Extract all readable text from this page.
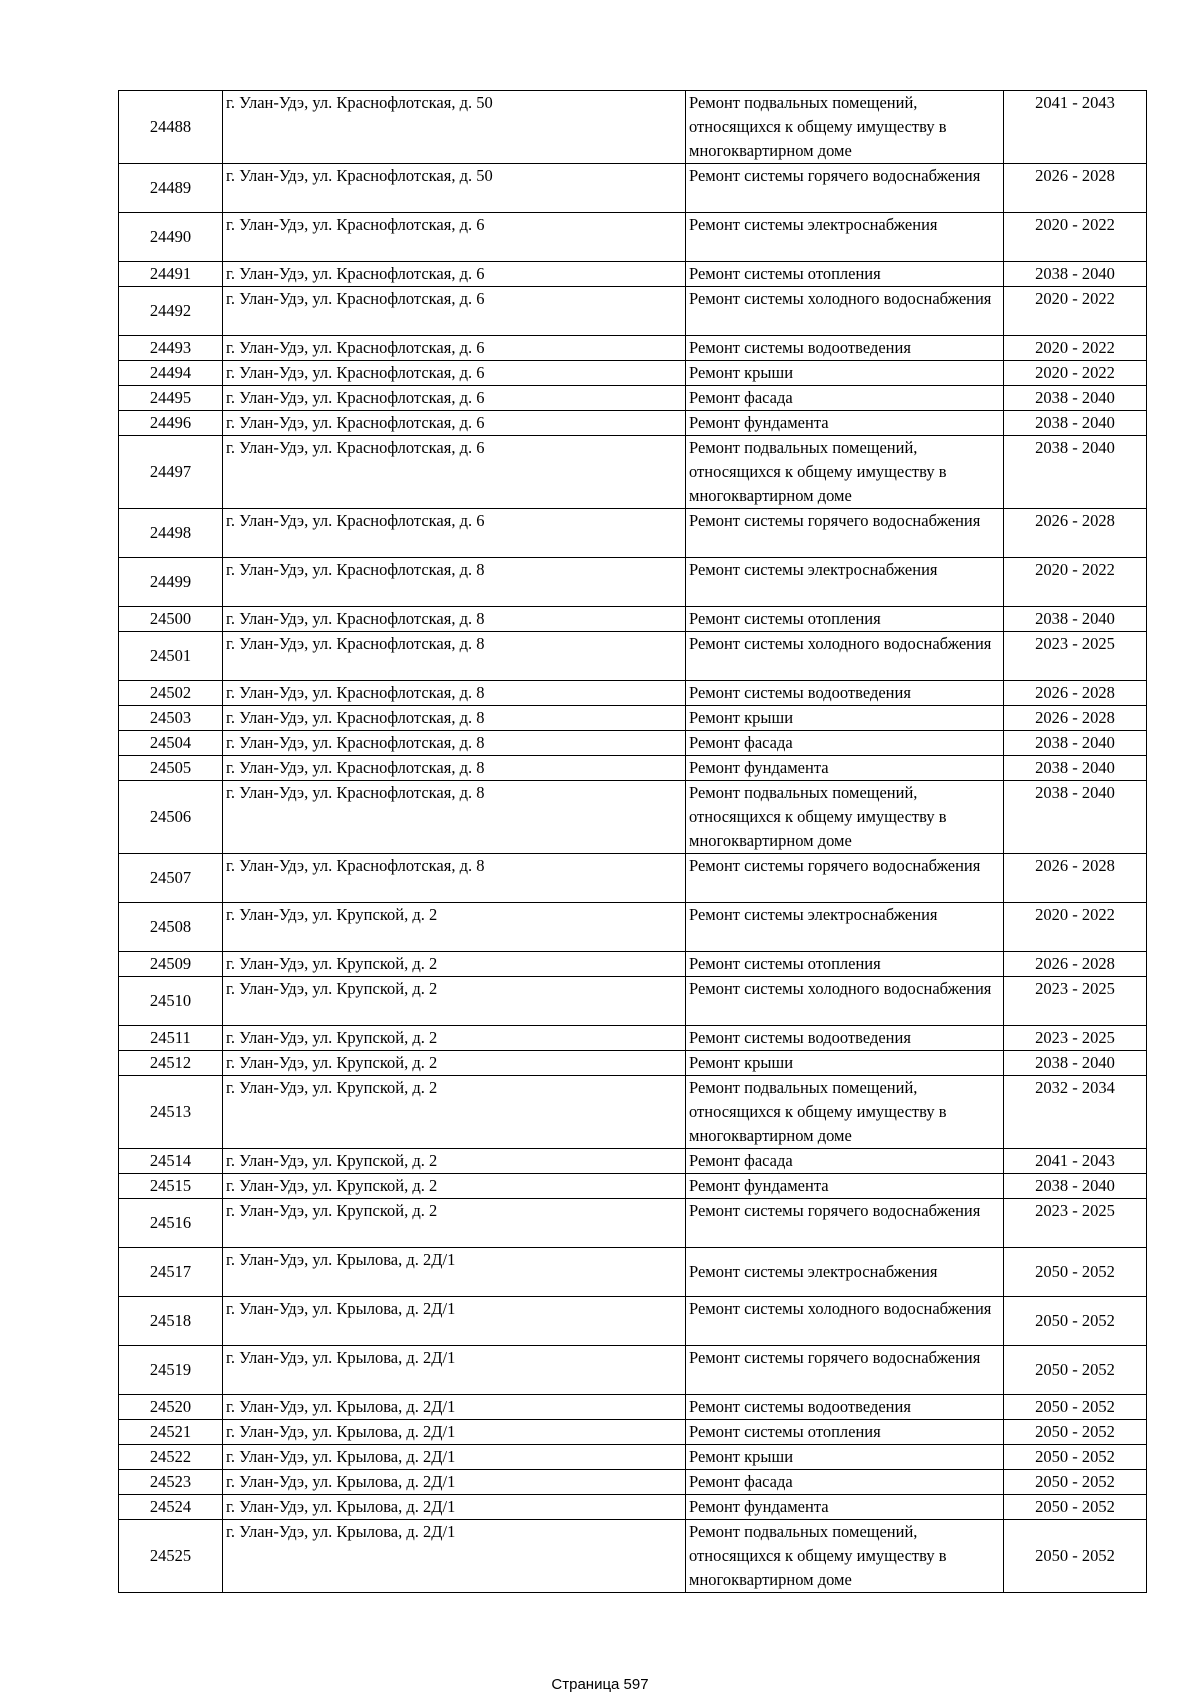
24488	г. Улан-Удэ, ул. Краснофлотская, д. 50	Ремонт подвальных помещений, относящихся к общему имуществу в многоквартирном доме	2041 - 2043
24489	г. Улан-Удэ, ул. Краснофлотская, д. 50	Ремонт системы горячего водоснабжения	2026 - 2028
24490	г. Улан-Удэ, ул. Краснофлотская, д. 6	Ремонт системы электроснабжения	2020 - 2022
24491	г. Улан-Удэ, ул. Краснофлотская, д. 6	Ремонт системы отопления	2038 - 2040
24492	г. Улан-Удэ, ул. Краснофлотская, д. 6	Ремонт системы холодного водоснабжения	2020 - 2022
24493	г. Улан-Удэ, ул. Краснофлотская, д. 6	Ремонт системы водоотведения	2020 - 2022
24494	г. Улан-Удэ, ул. Краснофлотская, д. 6	Ремонт крыши	2020 - 2022
24495	г. Улан-Удэ, ул. Краснофлотская, д. 6	Ремонт фасада	2038 - 2040
24496	г. Улан-Удэ, ул. Краснофлотская, д. 6	Ремонт фундамента	2038 - 2040
24497	г. Улан-Удэ, ул. Краснофлотская, д. 6	Ремонт подвальных помещений, относящихся к общему имуществу в многоквартирном доме	2038 - 2040
24498	г. Улан-Удэ, ул. Краснофлотская, д. 6	Ремонт системы горячего водоснабжения	2026 - 2028
24499	г. Улан-Удэ, ул. Краснофлотская, д. 8	Ремонт системы электроснабжения	2020 - 2022
24500	г. Улан-Удэ, ул. Краснофлотская, д. 8	Ремонт системы отопления	2038 - 2040
24501	г. Улан-Удэ, ул. Краснофлотская, д. 8	Ремонт системы холодного водоснабжения	2023 - 2025
24502	г. Улан-Удэ, ул. Краснофлотская, д. 8	Ремонт системы водоотведения	2026 - 2028
24503	г. Улан-Удэ, ул. Краснофлотская, д. 8	Ремонт крыши	2026 - 2028
24504	г. Улан-Удэ, ул. Краснофлотская, д. 8	Ремонт фасада	2038 - 2040
24505	г. Улан-Удэ, ул. Краснофлотская, д. 8	Ремонт фундамента	2038 - 2040
24506	г. Улан-Удэ, ул. Краснофлотская, д. 8	Ремонт подвальных помещений, относящихся к общему имуществу в многоквартирном доме	2038 - 2040
24507	г. Улан-Удэ, ул. Краснофлотская, д. 8	Ремонт системы горячего водоснабжения	2026 - 2028
24508	г. Улан-Удэ, ул. Крупской, д. 2	Ремонт системы электроснабжения	2020 - 2022
24509	г. Улан-Удэ, ул. Крупской, д. 2	Ремонт системы отопления	2026 - 2028
24510	г. Улан-Удэ, ул. Крупской, д. 2	Ремонт системы холодного водоснабжения	2023 - 2025
24511	г. Улан-Удэ, ул. Крупской, д. 2	Ремонт системы водоотведения	2023 - 2025
24512	г. Улан-Удэ, ул. Крупской, д. 2	Ремонт крыши	2038 - 2040
24513	г. Улан-Удэ, ул. Крупской, д. 2	Ремонт подвальных помещений, относящихся к общему имуществу в многоквартирном доме	2032 - 2034
24514	г. Улан-Удэ, ул. Крупской, д. 2	Ремонт фасада	2041 - 2043
24515	г. Улан-Удэ, ул. Крупской, д. 2	Ремонт фундамента	2038 - 2040
24516	г. Улан-Удэ, ул. Крупской, д. 2	Ремонт системы горячего водоснабжения	2023 - 2025
24517	г. Улан-Удэ, ул. Крылова, д. 2Д/1	Ремонт системы электроснабжения	2050 - 2052
24518	г. Улан-Удэ, ул. Крылова, д. 2Д/1	Ремонт системы холодного водоснабжения	2050 - 2052
24519	г. Улан-Удэ, ул. Крылова, д. 2Д/1	Ремонт системы горячего водоснабжения	2050 - 2052
24520	г. Улан-Удэ, ул. Крылова, д. 2Д/1	Ремонт системы водоотведения	2050 - 2052
24521	г. Улан-Удэ, ул. Крылова, д. 2Д/1	Ремонт системы отопления	2050 - 2052
24522	г. Улан-Удэ, ул. Крылова, д. 2Д/1	Ремонт крыши	2050 - 2052
24523	г. Улан-Удэ, ул. Крылова, д. 2Д/1	Ремонт фасада	2050 - 2052
24524	г. Улан-Удэ, ул. Крылова, д. 2Д/1	Ремонт фундамента	2050 - 2052
24525	г. Улан-Удэ, ул. Крылова, д. 2Д/1	Ремонт подвальных помещений, относящихся к общему имуществу в многоквартирном доме	2050 - 2052
Страница 597
